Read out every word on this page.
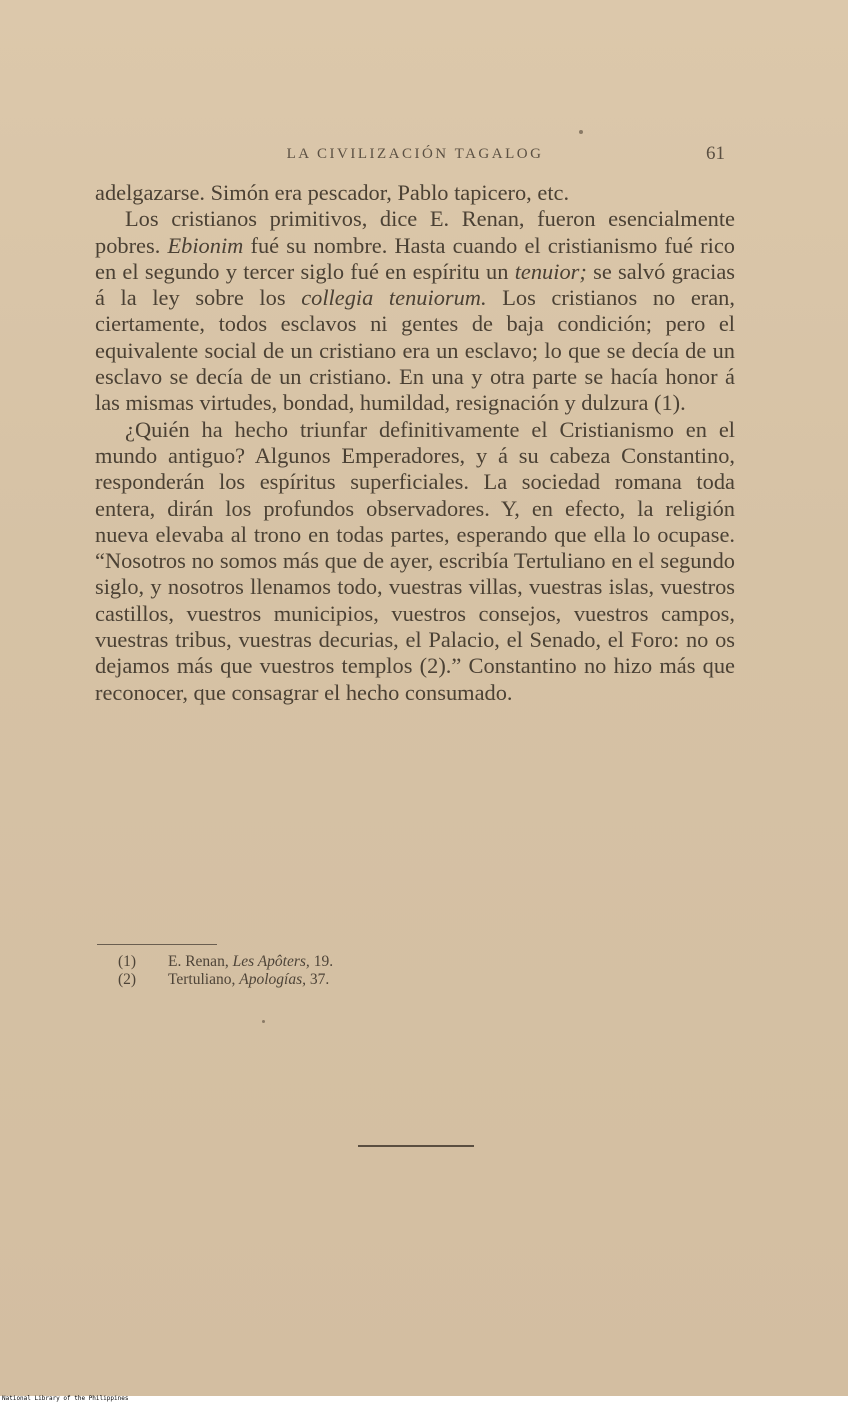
LA CIVILIZACIÓN TAGALOG	61

adelgazarse. Simón era pescador, Pablo tapicero, etc.

Los cristianos primitivos, dice E. Renan, fueron esencialmente pobres. Ebionim fué su nombre. Hasta cuando el cristianismo fué rico en el segundo y tercer siglo fué en espíritu un tenuior; se salvó gracias á la ley sobre los collegia tenuiorum. Los cristianos no eran, ciertamente, todos esclavos ni gentes de baja condición; pero el equivalente social de un cristiano era un esclavo; lo que se decía de un esclavo se decía de un cristiano. En una y otra parte se hacía honor á las mismas virtudes, bondad, humildad, resignación y dulzura (1).

¿Quién ha hecho triunfar definitivamente el Cristianismo en el mundo antiguo? Algunos Emperadores, y á su cabeza Constantino, responderán los espíritus superficiales. La sociedad romana toda entera, dirán los profundos observadores. Y, en efecto, la religión nueva elevaba al trono en todas partes, esperando que ella lo ocupase. “Nosotros no somos más que de ayer, escribía Tertuliano en el segundo siglo, y nosotros llenamos todo, vuestras villas, vuestras islas, vuestros castillos, vuestros municipios, vuestros consejos, vuestros campos, vuestras tribus, vuestras decurias, el Palacio, el Senado, el Foro: no os dejamos más que vuestros templos (2).” Constantino no hizo más que reconocer, que consagrar el hecho consumado.

(1) E. Renan, Les Apôters, 19.
(2) Tertuliano, Apologías, 37.
National Library of the Philippines
